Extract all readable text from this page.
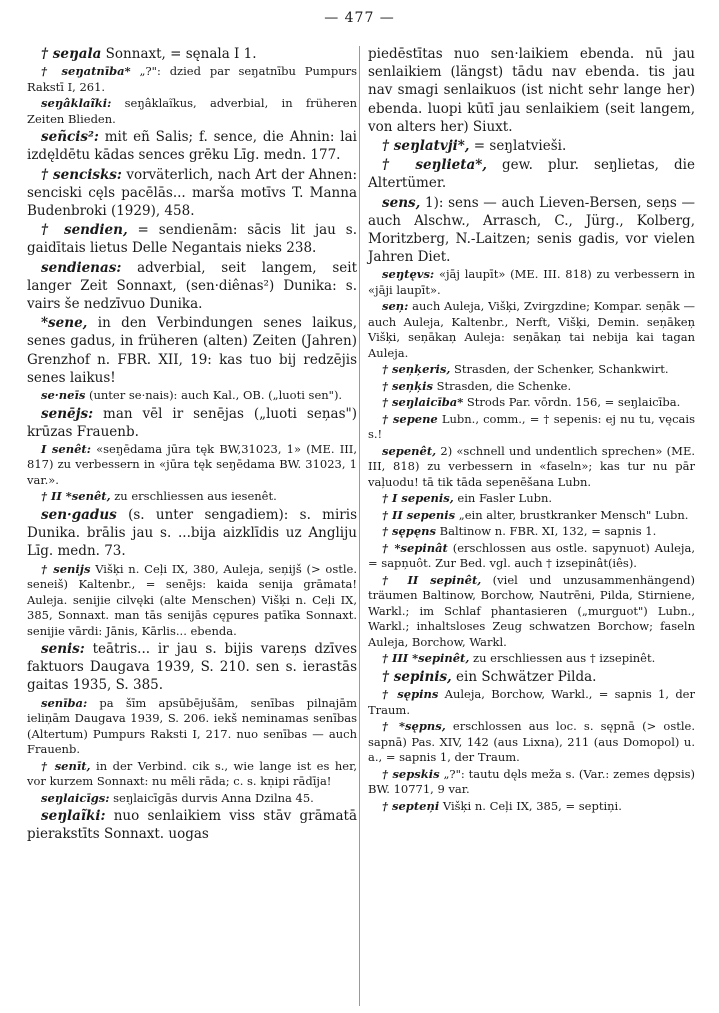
— 477 —

† seŋala Sonnaxt, = sęnala I 1.

† seŋatnība* „?": dzied par seŋatnību Pumpurs Rakstī I, 261.

seŋâklaĩki: seŋâklaĩkus, adverbial, in früheren Zeiten Blieden.

señcis²: mit eñ Salis; f. sence, die Ahnin: lai izdęldētu kādas sences grēku Līg. medn. 177.

† sencisks: vorväterlich, nach Art der Ahnen: senciski cęls pacēlās... marša motīvs T. Manna Budenbroki (1929), 458.

† sendien, = sendienām: sācis lit jau s. gaidītais lietus Delle Negantais nieks 238.

sendienas: adverbial, seit langem, seit langer Zeit Sonnaxt, (sen·diênas²) Dunika: s. vairs še nedzīvuo Dunika.

*sene, in den Verbindungen senes laikus, senes gadus, in früheren (alten) Zeiten (Jahren) Grenzhof n. FBR. XII, 19: kas tuo bij redzējis senes laikus!

se·neīs (unter se·nais): auch Kal., OB. („luoti sen").

senējs: man vēl ir senējas („luoti seņas") krūzas Frauenb.

I senêt: «seŋēdama jūra tęk BW,31023, 1» (ME. III, 817) zu verbessern in «jūra tęk seŋēdama BW. 31023, 1 var.».

† II *senêt, zu erschliessen aus iesenêt.

sen·gadus (s. unter sengadiem): s. miris Dunika. brālis jau s. ...bija aizklīdis uz Angliju Līg. medn. 73.

† senijs Višķi n. Ceļi IX, 380, Auleja, seņijš (> ostle. seneiš) Kaltenbr., = senējs: kaida senija grāmata! Auleja. senijie cilvęki (alte Menschen) Višķi n. Ceļi IX, 385, Sonnaxt. man tās senijās cępures patīka Sonnaxt. senijie vārdi: Jānis, Kārlis... ebenda.

senis: teātris... ir jau s. bijis vareņs dzīves faktuors Daugava 1939, S. 210. sen s. ierastās gaitas 1935, S. 385.

senība: pa šīm apsūbējušām, senības pilnajām ieliņām Daugava 1939, S. 206. iekš neminamas senības (Altertum) Pumpurs Raksti I, 217. nuo senības — auch Frauenb.

† senīt, in der Verbind. cik s., wie lange ist es her, vor kurzem Sonnaxt: nu mēli rāda; c. s. kṇipi rādīja!

seŋlaicīgs: seŋlaicīgās durvis Anna Dzilna 45.

seŋlaĩki: nuo senlaikiem viss stāv grāmatā pierakstīts Sonnaxt. uogas

piedēstītas nuo sen·laikiem ebenda. nū jau senlaikiem (längst) tādu nav ebenda. tis jau nav smagi senlaikuos (ist nicht sehr lange her) ebenda. luopi kūtī jau senlaikiem (seit langem, von alters her) Siuxt.

† seŋlatvji*, = seŋlatvieši.

† seŋlieta*, gew. plur. seŋlietas, die Altertümer.

sens, 1): sens — auch Lieven-Bersen, seņs — auch Alschw., Arrasch, C., Jürg., Kolberg, Moritzberg, N.-Laitzen; senis gadis, vor vielen Jahren Diet.

seŋtęvs: «jāj laupīt» (ME. III. 818) zu verbessern in «jāji laupīt».

seņ: auch Auleja, Višķi, Zvirgzdine; Kompar. seņāk — auch Auleja, Kaltenbr., Nerft, Višķi, Demin. seņākeņ Višķi, seņākaņ Auleja: seņākaņ tai nebija kai tagan Auleja.

† seņķeris, Strasden, der Schenker, Schankwirt.

† seņķis Strasden, die Schenke.

† seŋlaicība* Strods Par. vōrdn. 156, = seŋlaicība.

† sepene Lubn., comm., = † sepenis: ej nu tu, vęcais s.!

sepenêt, 2) «schnell und undentlich sprechen» (ME. III, 818) zu verbessern in «faseln»; kas tur nu pār vaļuodu! tā tik tāda sepenēšana Lubn.

† I sepenis, ein Fasler Lubn.

† II sepenis „ein alter, brustkranker Mensch" Lubn.

† sępęns Baltinow n. FBR. XI, 132, = sapnis 1.

† *sepinât (erschlossen aus ostle. sapynuot) Auleja, = sapņuôt. Zur Bed. vgl. auch † izsepinât(iês).

† II sepinêt, (viel und unzusammenhängend) träumen Baltinow, Borchow, Nautrēni, Pilda, Stirniene, Warkl.; im Schlaf phantasieren („murguot") Lubn., Warkl.; inhaltsloses Zeug schwatzen Borchow; faseln Auleja, Borchow, Warkl.

† III *sepinêt, zu erschliessen aus † izsepinêt.

† sepinis, ein Schwätzer Pilda.

† sępins Auleja, Borchow, Warkl., = sapnis 1, der Traum.

† *sępns, erschlossen aus loc. s. sępnā (> ostle. sapnā) Pas. XIV, 142 (aus Lixna), 211 (aus Domopol) u. a., = sapnis 1, der Traum.

† sepskis „?": tautu dęls meža s. (Var.: zemes dępsis) BW. 10771, 9 var.

† septeņi Višķi n. Ceļi IX, 385, = septiņi.
